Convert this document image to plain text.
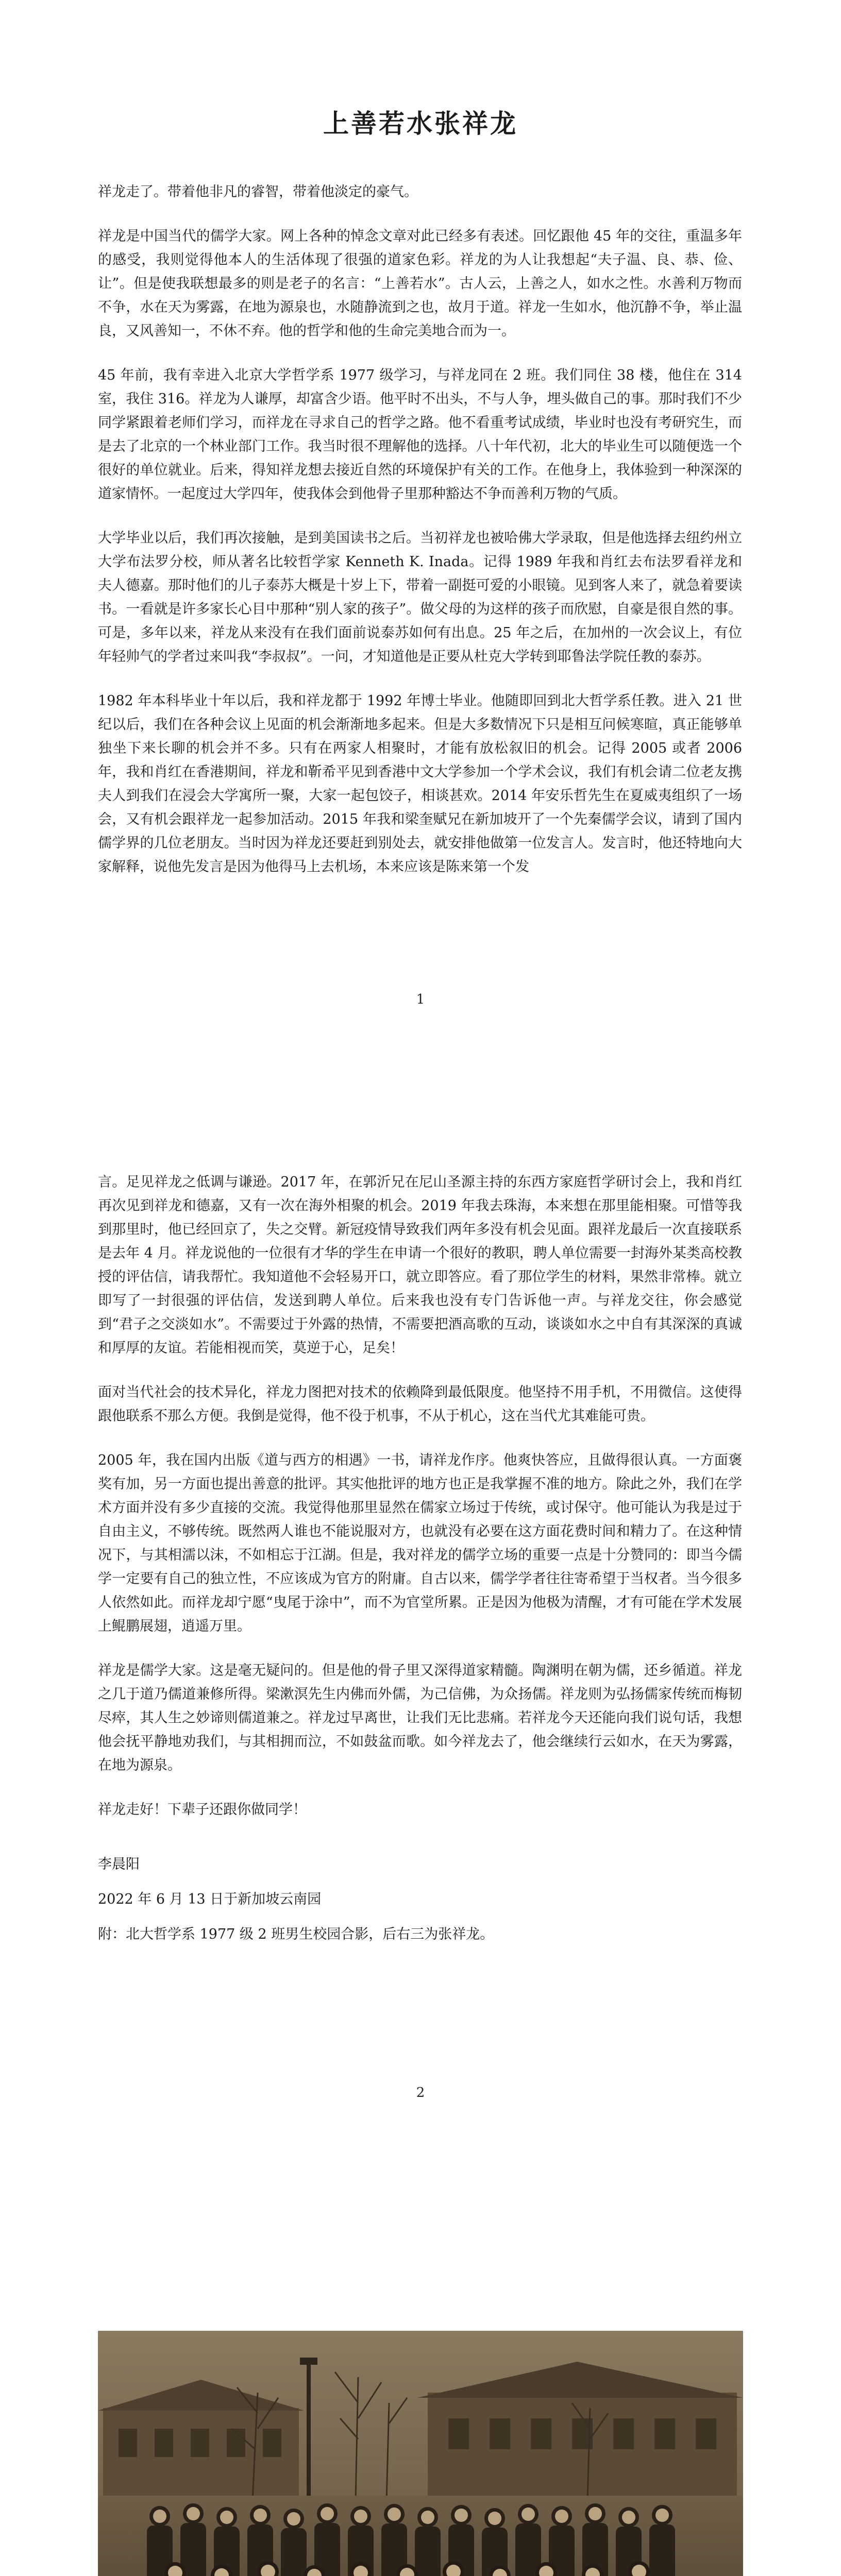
上善若水张祥龙

祥龙走了。带着他非凡的睿智，带着他淡定的豪气。

祥龙是中国当代的儒学大家。网上各种的悼念文章对此已经多有表述。回忆跟他 45 年的交往，重温多年的感受，我则觉得他本人的生活体现了很强的道家色彩。祥龙的为人让我想起“夫子温、良、恭、俭、让”。但是使我联想最多的则是老子的名言：“上善若水”。古人云，上善之人，如水之性。水善利万物而不争，水在天为雾露，在地为源泉也，水随静流到之也，故月于道。祥龙一生如水，他沉静不争，举止温良，又风善知一，不休不弃。他的哲学和他的生命完美地合而为一。

45 年前，我有幸进入北京大学哲学系 1977 级学习，与祥龙同在 2 班。我们同住 38 楼，他住在 314 室，我住 316。祥龙为人谦厚，却富含少语。他平时不出头，不与人争，埋头做自己的事。那时我们不少同学紧跟着老师们学习，而祥龙在寻求自己的哲学之路。他不看重考试成绩，毕业时也没有考研究生，而是去了北京的一个林业部门工作。我当时很不理解他的选择。八十年代初，北大的毕业生可以随便选一个很好的单位就业。后来，得知祥龙想去接近自然的环境保护有关的工作。在他身上，我体验到一种深深的道家情怀。一起度过大学四年，使我体会到他骨子里那种豁达不争而善利万物的气质。

大学毕业以后，我们再次接触，是到美国读书之后。当初祥龙也被哈佛大学录取，但是他选择去纽约州立大学布法罗分校，师从著名比较哲学家 Kenneth K. Inada。记得 1989 年我和肖红去布法罗看祥龙和夫人德嘉。那时他们的儿子泰苏大概是十岁上下，带着一副挺可爱的小眼镜。见到客人来了，就急着要读书。一看就是许多家长心目中那种“别人家的孩子”。做父母的为这样的孩子而欣慰，自豪是很自然的事。可是，多年以来，祥龙从来没有在我们面前说泰苏如何有出息。25 年之后，在加州的一次会议上，有位年轻帅气的学者过来叫我“李叔叔”。一问，才知道他是正要从杜克大学转到耶鲁法学院任教的泰苏。

1982 年本科毕业十年以后，我和祥龙都于 1992 年博士毕业。他随即回到北大哲学系任教。进入 21 世纪以后，我们在各种会议上见面的机会渐渐地多起来。但是大多数情况下只是相互问候寒暄，真正能够单独坐下来长聊的机会并不多。只有在两家人相聚时，才能有放松叙旧的机会。记得 2005 或者 2006 年，我和肖红在香港期间，祥龙和靳希平见到香港中文大学参加一个学术会议，我们有机会请二位老友携夫人到我们在浸会大学寓所一聚，大家一起包饺子，相谈甚欢。2014 年安乐哲先生在夏威夷组织了一场会，又有机会跟祥龙一起参加活动。2015 年我和梁奎赋兄在新加坡开了一个先秦儒学会议，请到了国内儒学界的几位老朋友。当时因为祥龙还要赶到别处去，就安排他做第一位发言人。发言时，他还特地向大家解释，说他先发言是因为他得马上去机场，本来应该是陈来第一个发

1

言。足见祥龙之低调与谦逊。2017 年，在郭沂兄在尼山圣源主持的东西方家庭哲学研讨会上，我和肖红再次见到祥龙和德嘉，又有一次在海外相聚的机会。2019 年我去珠海，本来想在那里能相聚。可惜等我到那里时，他已经回京了，失之交臂。新冠疫情导致我们两年多没有机会见面。跟祥龙最后一次直接联系是去年 4 月。祥龙说他的一位很有才华的学生在申请一个很好的教职，聘人单位需要一封海外某类高校教授的评估信，请我帮忙。我知道他不会轻易开口，就立即答应。看了那位学生的材料，果然非常棒。就立即写了一封很强的评估信，发送到聘人单位。后来我也没有专门告诉他一声。与祥龙交往，你会感觉到“君子之交淡如水”。不需要过于外露的热情，不需要把酒高歌的互动，谈谈如水之中自有其深深的真诚和厚厚的友谊。若能相视而笑，莫逆于心，足矣！

面对当代社会的技术异化，祥龙力图把对技术的依赖降到最低限度。他坚持不用手机，不用微信。这使得跟他联系不那么方便。我倒是觉得，他不役于机事，不从于机心，这在当代尤其难能可贵。

2005 年，我在国内出版《道与西方的相遇》一书，请祥龙作序。他爽快答应，且做得很认真。一方面褒奖有加，另一方面也提出善意的批评。其实他批评的地方也正是我掌握不准的地方。除此之外，我们在学术方面并没有多少直接的交流。我觉得他那里显然在儒家立场过于传统，或讨保守。他可能认为我是过于自由主义，不够传统。既然两人谁也不能说服对方，也就没有必要在这方面花费时间和精力了。在这种情况下，与其相濡以沫，不如相忘于江湖。但是，我对祥龙的儒学立场的重要一点是十分赞同的：即当今儒学一定要有自己的独立性，不应该成为官方的附庸。自古以来，儒学学者往往寄希望于当权者。当今很多人依然如此。而祥龙却宁愿“曳尾于涂中”，而不为官堂所累。正是因为他极为清醒，才有可能在学术发展上鲲鹏展翅，逍遥万里。

祥龙是儒学大家。这是毫无疑问的。但是他的骨子里又深得道家精髓。陶渊明在朝为儒，还乡循道。祥龙之几于道乃儒道兼修所得。梁漱溟先生内佛而外儒，为己信佛，为众扬儒。祥龙则为弘扬儒家传统而梅韧尽瘁，其人生之妙谛则儒道兼之。祥龙过早离世，让我们无比悲痛。若祥龙今天还能向我们说句话，我想他会抚平静地劝我们，与其相拥而泣，不如鼓盆而歌。如今祥龙去了，他会继续行云如水，在天为雾露，在地为源泉。

祥龙走好！下辈子还跟你做同学！

李晨阳

2022 年 6 月 13 日于新加坡云南园

附：北大哲学系 1977 级 2 班男生校园合影，后右三为张祥龙。

2
